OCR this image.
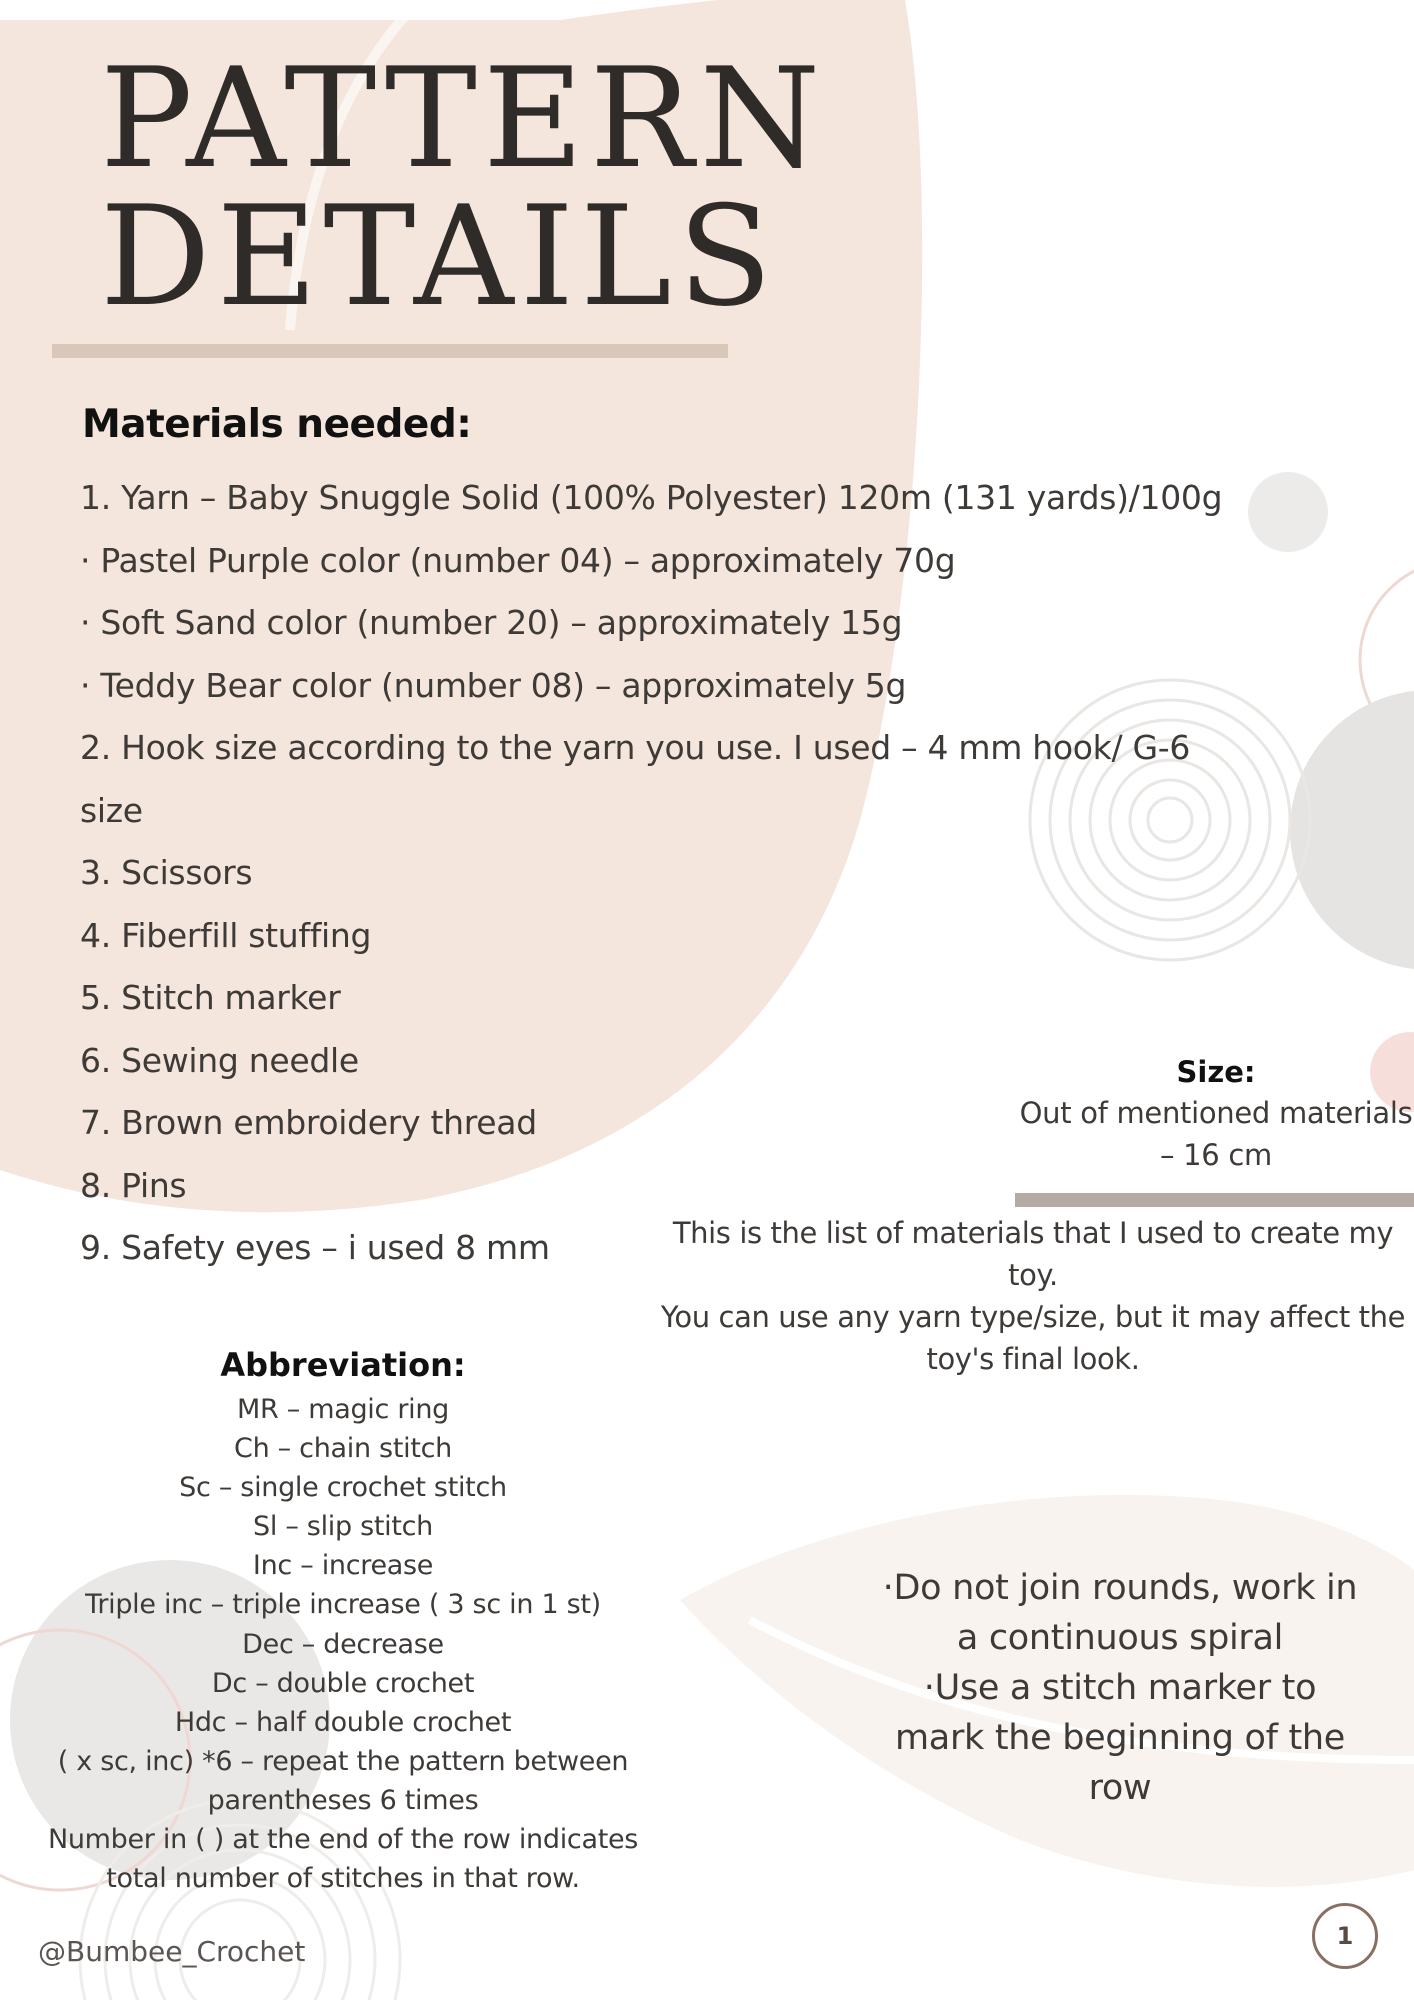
PATTERN
DETAILS
Materials needed:
1. Yarn – Baby Snuggle Solid (100% Polyester) 120m (131 yards)/100g
· Pastel Purple color (number 04) – approximately 70g
· Soft Sand color (number 20) – approximately 15g
· Teddy Bear color (number 08) – approximately 5g
2. Hook size according to the yarn you use. I used – 4 mm hook/ G-6
size
3. Scissors
4. Fiberfill stuffing
5. Stitch marker
6. Sewing needle
7. Brown embroidery thread
8. Pins
9. Safety eyes – i used 8 mm

Size:

Out of mentioned materials

– 16 cm

This is the list of materials that I used to create my toy.
You can use any yarn type/size, but it may affect the
toy's final look.

Abbreviation:

MR – magic ring
Ch – chain stitch
Sc – single crochet stitch
Sl – slip stitch
Inc – increase
Triple inc – triple increase ( 3 sc in 1 st)
Dec – decrease
Dc – double crochet
Hdc – half double crochet
( x sc, inc) *6 – repeat the pattern between
parentheses 6 times
Number in ( ) at the end of the row indicates
total number of stitches in that row.
·Do not join rounds, work in
a continuous spiral
·Use a stitch marker to
mark the beginning of the
row

@Bumbee_Crochet	1
